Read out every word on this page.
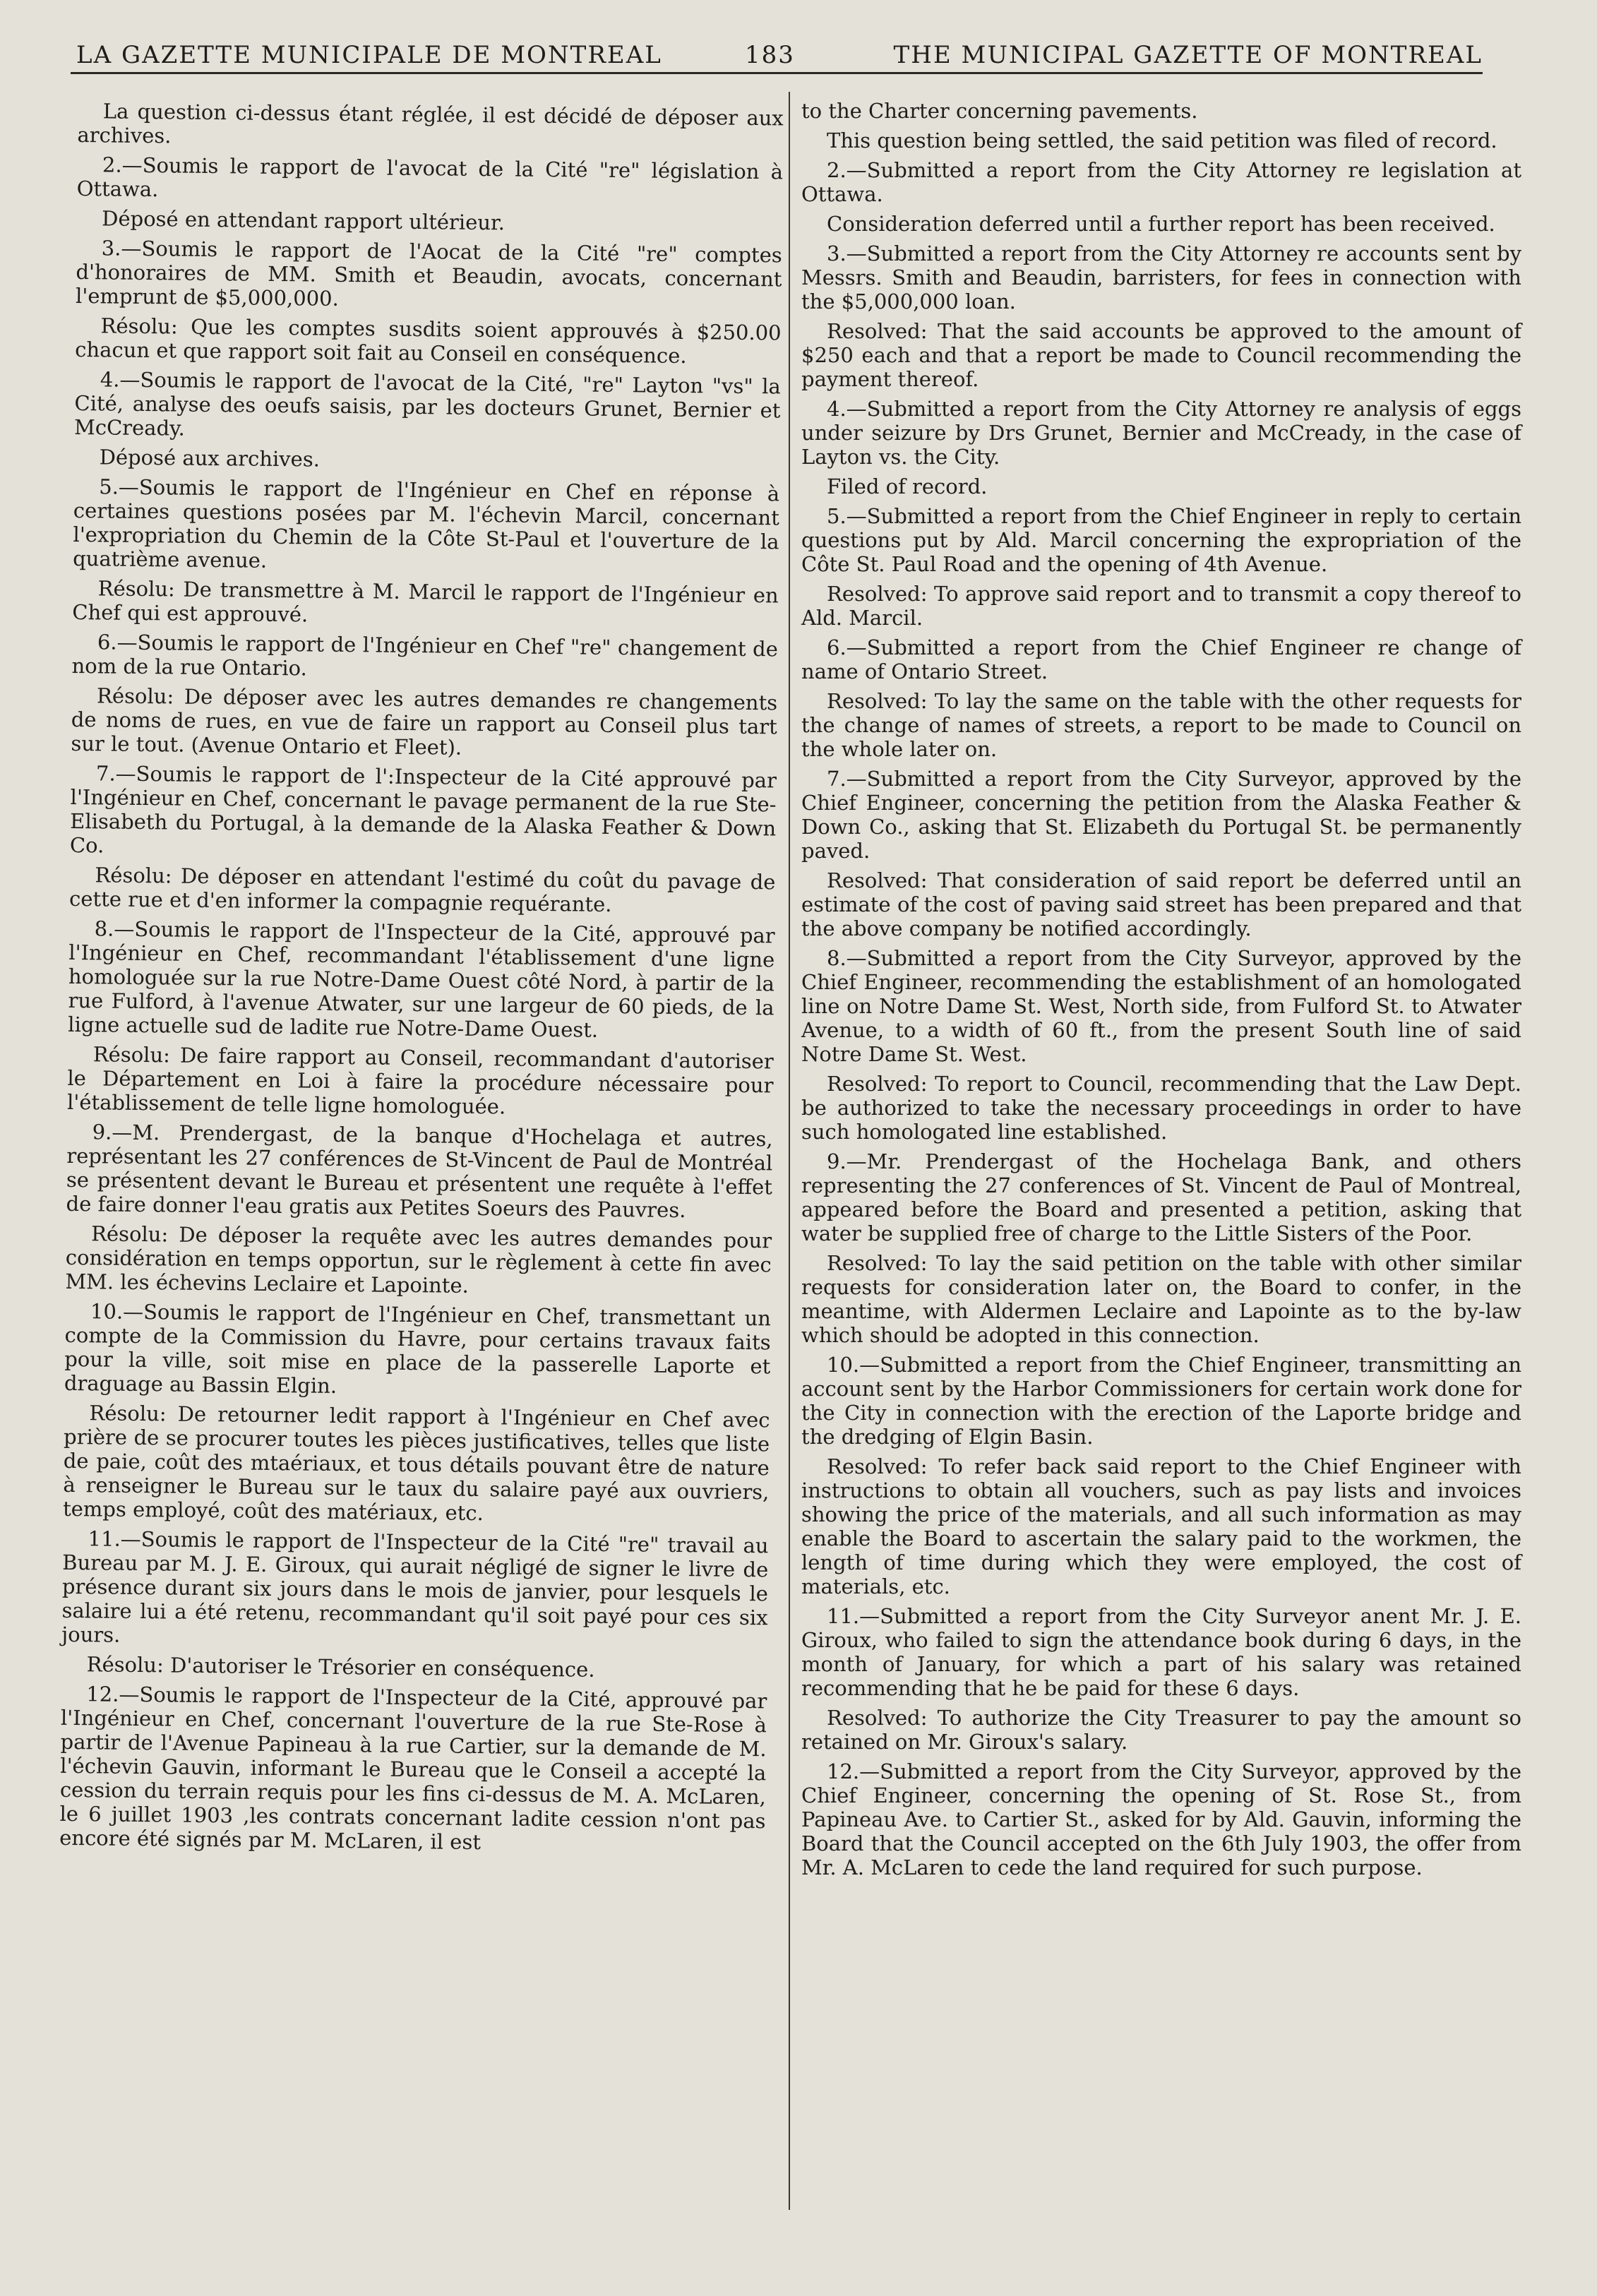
LA GAZETTE MUNICIPALE DE MONTREAL	183	THE MUNICIPAL GAZETTE OF MONTREAL

La question ci-dessus étant réglée, il est décidé de déposer aux archives.

2.—Soumis le rapport de l'avocat de la Cité "re" législation à Ottawa.

Déposé en attendant rapport ultérieur.

3.—Soumis le rapport de l'Aocat de la Cité "re" comptes d'honoraires de MM. Smith et Beaudin, avocats, concernant l'emprunt de $5,000,000.

Résolu: Que les comptes susdits soient approuvés à $250.00 chacun et que rapport soit fait au Conseil en conséquence.

4.—Soumis le rapport de l'avocat de la Cité, "re" Layton "vs" la Cité, analyse des oeufs saisis, par les docteurs Grunet, Bernier et McCready.

Déposé aux archives.

5.—Soumis le rapport de l'Ingénieur en Chef en réponse à certaines questions posées par M. l'échevin Marcil, concernant l'expropriation du Chemin de la Côte St-Paul et l'ouverture de la quatrième avenue.

Résolu: De transmettre à M. Marcil le rapport de l'Ingénieur en Chef qui est approuvé.

6.—Soumis le rapport de l'Ingénieur en Chef "re" changement de nom de la rue Ontario.

Résolu: De déposer avec les autres demandes re changements de noms de rues, en vue de faire un rapport au Conseil plus tart sur le tout. (Avenue Ontario et Fleet).

7.—Soumis le rapport de l':Inspecteur de la Cité approuvé par l'Ingénieur en Chef, concernant le pavage permanent de la rue Ste-Elisabeth du Portugal, à la demande de la Alaska Feather & Down Co.

Résolu: De déposer en attendant l'estimé du coût du pavage de cette rue et d'en informer la compagnie requérante.

8.—Soumis le rapport de l'Inspecteur de la Cité, approuvé par l'Ingénieur en Chef, recommandant l'établissement d'une ligne homologuée sur la rue Notre-Dame Ouest côté Nord, à partir de la rue Fulford, à l'avenue Atwater, sur une largeur de 60 pieds, de la ligne actuelle sud de ladite rue Notre-Dame Ouest.

Résolu: De faire rapport au Conseil, recommandant d'autoriser le Département en Loi à faire la procédure nécessaire pour l'établissement de telle ligne homologuée.

9.—M. Prendergast, de la banque d'Hochelaga et autres, représentant les 27 conférences de St-Vincent de Paul de Montréal se présentent devant le Bureau et présentent une requête à l'effet de faire donner l'eau gratis aux Petites Soeurs des Pauvres.

Résolu: De déposer la requête avec les autres demandes pour considération en temps opportun, sur le règlement à cette fin avec MM. les échevins Leclaire et Lapointe.

10.—Soumis le rapport de l'Ingénieur en Chef, transmettant un compte de la Commission du Havre, pour certains travaux faits pour la ville, soit mise en place de la passerelle Laporte et draguage au Bassin Elgin.

Résolu: De retourner ledit rapport à l'Ingénieur en Chef avec prière de se procurer toutes les pièces justificatives, telles que liste de paie, coût des mtaériaux, et tous détails pouvant être de nature à renseigner le Bureau sur le taux du salaire payé aux ouvriers, temps employé, coût des matériaux, etc.

11.—Soumis le rapport de l'Inspecteur de la Cité "re" travail au Bureau par M. J. E. Giroux, qui aurait négligé de signer le livre de présence durant six jours dans le mois de janvier, pour lesquels le salaire lui a été retenu, recommandant qu'il soit payé pour ces six jours.

Résolu: D'autoriser le Trésorier en conséquence.

12.—Soumis le rapport de l'Inspecteur de la Cité, approuvé par l'Ingénieur en Chef, concernant l'ouverture de la rue Ste-Rose à partir de l'Avenue Papineau à la rue Cartier, sur la demande de M. l'échevin Gauvin, informant le Bureau que le Conseil a accepté la cession du terrain requis pour les fins ci-dessus de M. A. McLaren, le 6 juillet 1903 ,les contrats concernant ladite cession n'ont pas encore été signés par M. McLaren, il est

to the Charter concerning pavements.

This question being settled, the said petition was filed of record.

2.—Submitted a report from the City Attorney re legislation at Ottawa.

Consideration deferred until a further report has been received.

3.—Submitted a report from the City Attorney re accounts sent by Messrs. Smith and Beaudin, barristers, for fees in connection with the $5,000,000 loan.

Resolved: That the said accounts be approved to the amount of $250 each and that a report be made to Council recommending the payment thereof.

4.—Submitted a report from the City Attorney re analysis of eggs under seizure by Drs Grunet, Bernier and McCready, in the case of Layton vs. the City.

Filed of record.

5.—Submitted a report from the Chief Engineer in reply to certain questions put by Ald. Marcil concerning the expropriation of the Côte St. Paul Road and the opening of 4th Avenue.

Resolved: To approve said report and to transmit a copy thereof to Ald. Marcil.

6.—Submitted a report from the Chief Engineer re change of name of Ontario Street.

Resolved: To lay the same on the table with the other requests for the change of names of streets, a report to be made to Council on the whole later on.

7.—Submitted a report from the City Surveyor, approved by the Chief Engineer, concerning the petition from the Alaska Feather & Down Co., asking that St. Elizabeth du Portugal St. be permanently paved.

Resolved: That consideration of said report be deferred until an estimate of the cost of paving said street has been prepared and that the above company be notified accordingly.

8.—Submitted a report from the City Surveyor, approved by the Chief Engineer, recommending the establishment of an homologated line on Notre Dame St. West, North side, from Fulford St. to Atwater Avenue, to a width of 60 ft., from the present South line of said Notre Dame St. West.

Resolved: To report to Council, recommending that the Law Dept. be authorized to take the necessary proceedings in order to have such homologated line established.

9.—Mr. Prendergast of the Hochelaga Bank, and others representing the 27 conferences of St. Vincent de Paul of Montreal, appeared before the Board and presented a petition, asking that water be supplied free of charge to the Little Sisters of the Poor.

Resolved: To lay the said petition on the table with other similar requests for consideration later on, the Board to confer, in the meantime, with Aldermen Leclaire and Lapointe as to the by-law which should be adopted in this connection.

10.—Submitted a report from the Chief Engineer, transmitting an account sent by the Harbor Commissioners for certain work done for the City in connection with the erection of the Laporte bridge and the dredging of Elgin Basin.

Resolved: To refer back said report to the Chief Engineer with instructions to obtain all vouchers, such as pay lists and invoices showing the price of the materials, and all such information as may enable the Board to ascertain the salary paid to the workmen, the length of time during which they were employed, the cost of materials, etc.

11.—Submitted a report from the City Surveyor anent Mr. J. E. Giroux, who failed to sign the attendance book during 6 days, in the month of January, for which a part of his salary was retained recommending that he be paid for these 6 days.

Resolved: To authorize the City Treasurer to pay the amount so retained on Mr. Giroux's salary.

12.—Submitted a report from the City Surveyor, approved by the Chief Engineer, concerning the opening of St. Rose St., from Papineau Ave. to Cartier St., asked for by Ald. Gauvin, informing the Board that the Council accepted on the 6th July 1903, the offer from Mr. A. McLaren to cede the land required for such purpose.
